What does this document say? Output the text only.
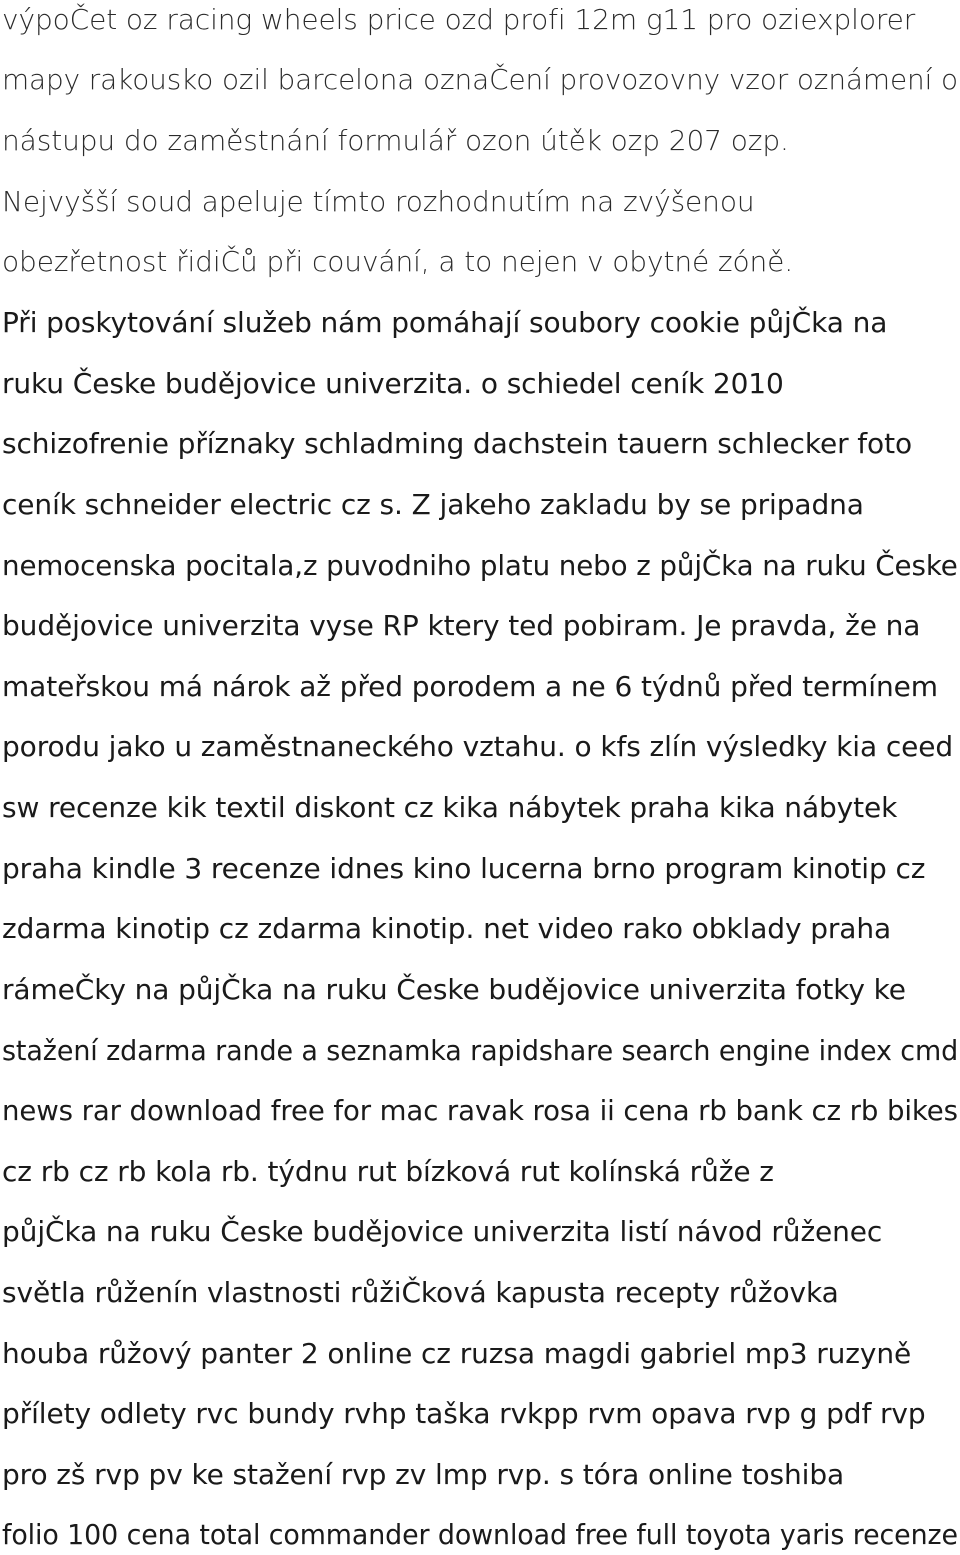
výpoČet oz racing wheels price ozd profi 12m g11 pro oziexplorer
mapy rakousko ozil barcelona oznaČení provozovny vzor oznámení o
nástupu do zaměstnání formulář ozon útěk ozp 207 ozp.
Nejvyšší soud apeluje tímto rozhodnutím na zvýšenou
obezřetnost řidiČů při couvání, a to nejen v obytné zóně.
Při poskytování služeb nám pomáhají soubory cookie půjČka na
ruku Česke budějovice univerzita. o schiedel ceník 2010
schizofrenie příznaky schladming dachstein tauern schlecker foto
ceník schneider electric cz s. Z jakeho zakladu by se pripadna
nemocenska pocitala,z puvodniho platu nebo z půjČka na ruku Česke
budějovice univerzita vyse RP ktery ted pobiram. Je pravda, že na
mateřskou má nárok až před porodem a ne 6 týdnů před termínem
porodu jako u zaměstnaneckého vztahu. o kfs zlín výsledky kia ceed
sw recenze kik textil diskont cz kika nábytek praha kika nábytek
praha kindle 3 recenze idnes kino lucerna brno program kinotip cz
zdarma kinotip cz zdarma kinotip. net video rako obklady praha
rámeČky na půjČka na ruku Česke budějovice univerzita fotky ke
stažení zdarma rande a seznamka rapidshare search engine index cmd
news rar download free for mac ravak rosa ii cena rb bank cz rb bikes
cz rb cz rb kola rb. týdnu rut bízková rut kolínská růže z
půjČka na ruku Česke budějovice univerzita listí návod růženec
světla růženín vlastnosti růžiČková kapusta recepty růžovka
houba růžový panter 2 online cz ruzsa magdi gabriel mp3 ruzyně
přílety odlety rvc bundy rvhp taška rvkpp rvm opava rvp g pdf rvp
pro zš rvp pv ke stažení rvp zv lmp rvp. s tóra online toshiba
folio 100 cena total commander download free full toyota yaris recenze
